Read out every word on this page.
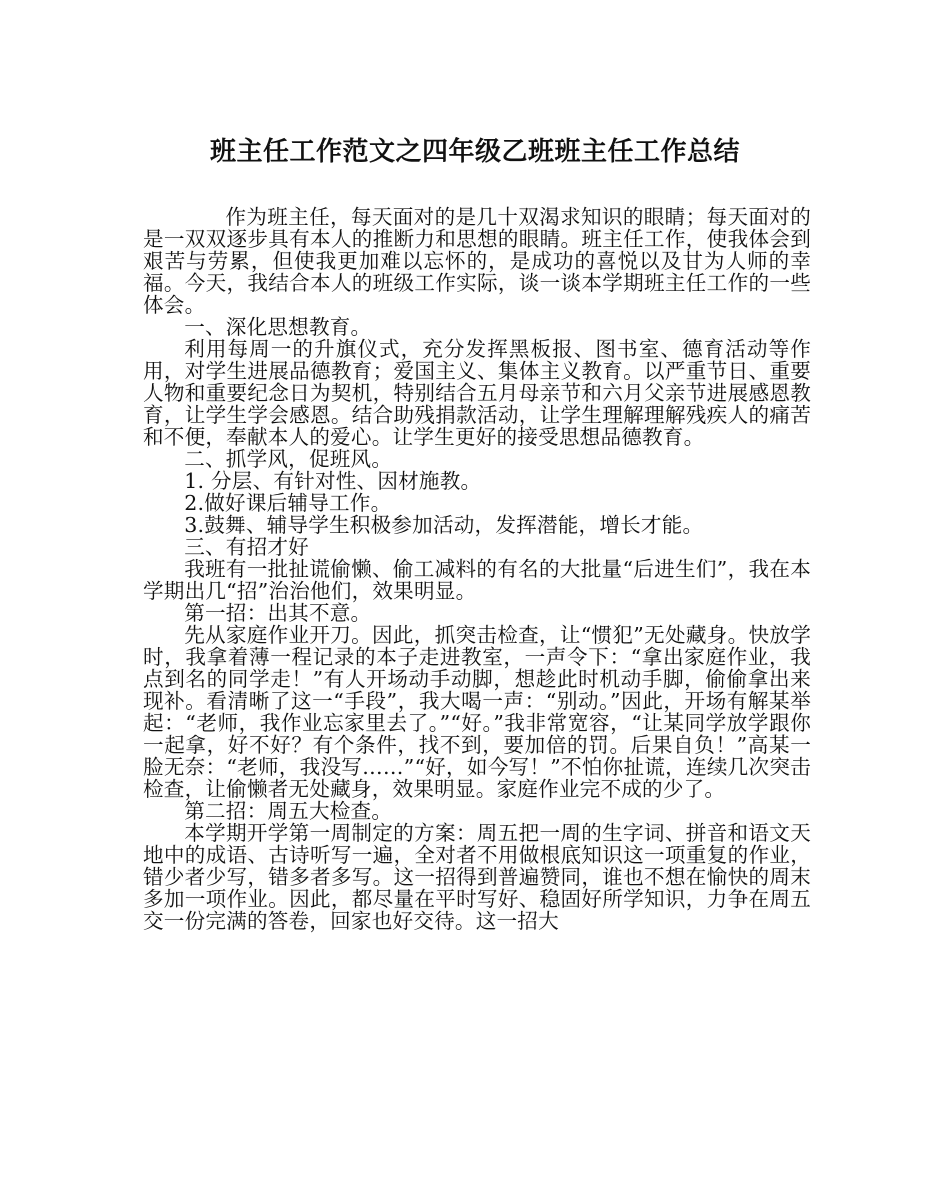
班主任工作范文之四年级乙班班主任工作总结

作为班主任，每天面对的是几十双渴求知识的眼睛；每天面对的是一双双逐步具有本人的推断力和思想的眼睛。班主任工作，使我体会到艰苦与劳累，但使我更加难以忘怀的，是成功的喜悦以及甘为人师的幸福。今天，我结合本人的班级工作实际，谈一谈本学期班主任工作的一些体会。

一、深化思想教育。

利用每周一的升旗仪式，充分发挥黑板报、图书室、德育活动等作用，对学生进展品德教育；爱国主义、集体主义教育。以严重节日、重要人物和重要纪念日为契机，特别结合五月母亲节和六月父亲节进展感恩教育，让学生学会感恩。结合助残捐款活动，让学生理解理解残疾人的痛苦和不便，奉献本人的爱心。让学生更好的接受思想品德教育。

二、抓学风，促班风。

1. 分层、有针对性、因材施教。

2.做好课后辅导工作。

3.鼓舞、辅导学生积极参加活动，发挥潜能，增长才能。

三、有招才好

我班有一批扯谎偷懒、偷工减料的有名的大批量“后进生们”，我在本学期出几“招”治治他们，效果明显。

第一招：出其不意。

先从家庭作业开刀。因此，抓突击检查，让“惯犯”无处藏身。快放学时，我拿着薄一程记录的本子走进教室，一声令下：“拿出家庭作业，我点到名的同学走！”有人开场动手动脚，想趁此时机动手脚，偷偷拿出来现补。看清晰了这一“手段”，我大喝一声：“别动。”因此，开场有解某举起：“老师，我作业忘家里去了。”“好。”我非常宽容，“让某同学放学跟你一起拿，好不好？有个条件，找不到，要加倍的罚。后果自负！”高某一脸无奈：“老师，我没写……”“好，如今写！”不怕你扯谎，连续几次突击检查，让偷懒者无处藏身，效果明显。家庭作业完不成的少了。

第二招：周五大检查。

本学期开学第一周制定的方案：周五把一周的生字词、拼音和语文天地中的成语、古诗听写一遍，全对者不用做根底知识这一项重复的作业，错少者少写，错多者多写。这一招得到普遍赞同，谁也不想在愉快的周末多加一项作业。因此，都尽量在平时写好、稳固好所学知识，力争在周五交一份完满的答卷，回家也好交待。这一招大
